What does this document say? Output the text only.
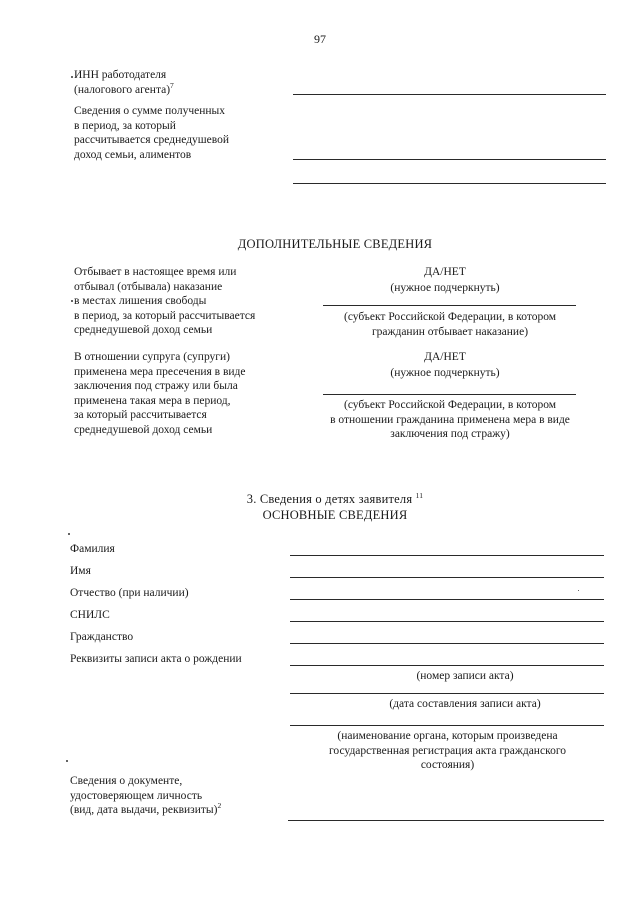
97
ИНН работодателя
(налогового агента)$^7$
Сведения о сумме полученных
в период, за который
рассчитывается среднедушевой
доход семьи, алиментов
ДОПОЛНИТЕЛЬНЫЕ СВЕДЕНИЯ
Отбывает в настоящее время или
отбывал (отбывала) наказание
в местах лишения свободы
в период, за который рассчитывается
среднедушевой доход семьи
ДА/НЕТ
(нужное подчеркнуть)
(субъект Российской Федерации, в котором
гражданин отбывает наказание)
В отношении супруга (супруги)
применена мера пресечения в виде
заключения под стражу или была
применена такая мера в период,
за который рассчитывается
среднедушевой доход семьи
ДА/НЕТ
(нужное подчеркнуть)
(субъект Российской Федерации, в котором
в отношении гражданина применена мера в виде
заключения под стражу)
3. Сведения о детях заявителя $^{11}$
ОСНОВНЫЕ СВЕДЕНИЯ
Фамилия
Имя
Отчество (при наличии)
СНИЛС
Гражданство
Реквизиты записи акта о рождении
(номер записи акта)
(дата составления записи акта)
(наименование органа, которым произведена
государственная регистрация акта гражданского
состояния)
Сведения о документе,
удостоверяющем личность
(вид, дата выдачи, реквизиты)$^2$
